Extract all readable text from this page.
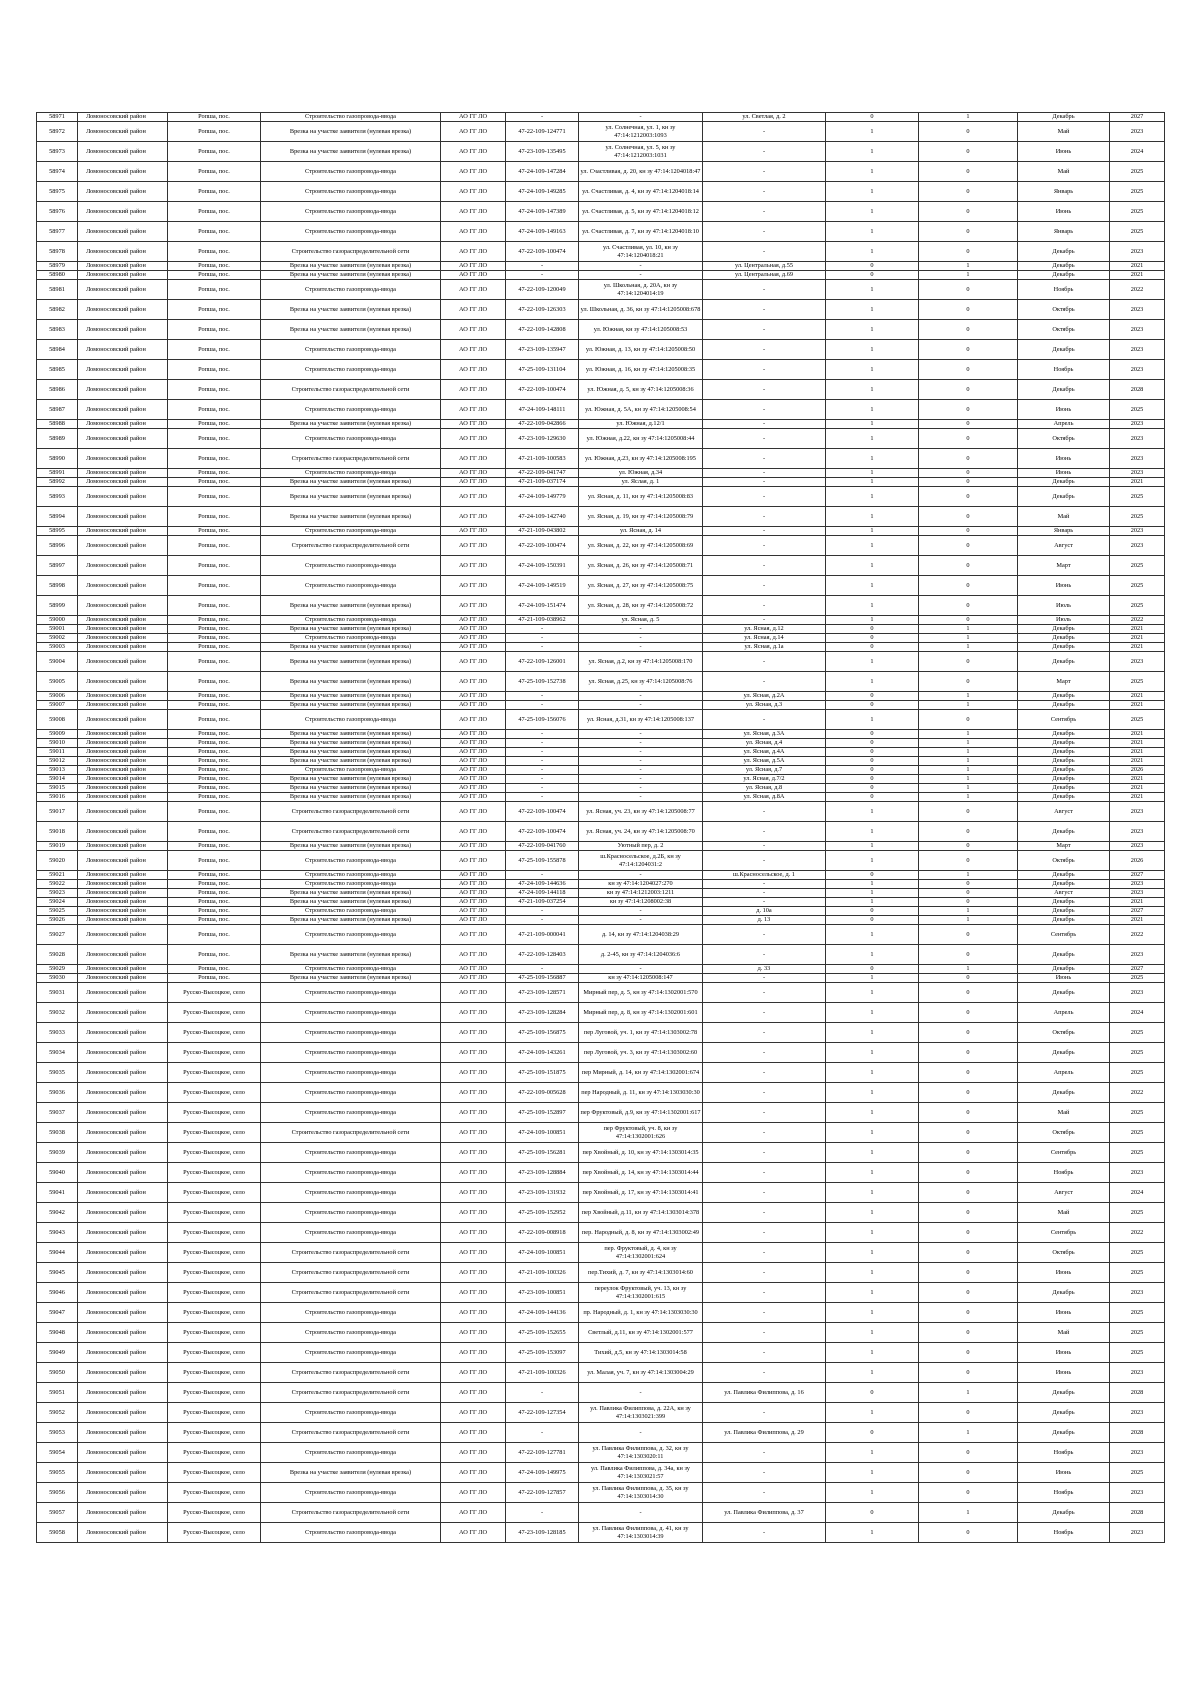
58971	Ломоносовский район	Ропша, пос.	Строительство газопровода-ввода	АО ГГ ЛО	-	-	ул. Светлая, д. 2	0	1	Декабрь	2027
58972	Ломоносовский район	Ропша, пос.	Врезка на участке заявителя (нулевая врезка)	АО ГГ ЛО	47-22-109-124771	ул. Солнечная, ул. 1, кн зу 47:14:1212003:1093	-	1	0	Май	2023
58973	Ломоносовский район	Ропша, пос.	Врезка на участке заявителя (нулевая врезка)	АО ГГ ЛО	47-23-109-135495	ул. Солнечная, ул. 5, кн зу 47:14:1212003:1031	-	1	0	Июнь	2024
58974	Ломоносовский район	Ропша, пос.	Строительство газопровода-ввода	АО ГГ ЛО	47-24-109-147284	ул. Счастливая, д. 20, кн зу 47:14:1204018:47	-	1	0	Май	2025
58975	Ломоносовский район	Ропша, пос.	Строительство газопровода-ввода	АО ГГ ЛО	47-24-109-149285	ул. Счастливая, д. 4, кн зу 47:14:1204018:14	-	1	0	Январь	2025
58976	Ломоносовский район	Ропша, пос.	Строительство газопровода-ввода	АО ГГ ЛО	47-24-109-147389	ул. Счастливая, д. 5, кн зу 47:14:1204018:12	-	1	0	Июнь	2025
58977	Ломоносовский район	Ропша, пос.	Строительство газопровода-ввода	АО ГГ ЛО	47-24-109-149163	ул. Счастливая, д. 7, кн зу 47:14:1204018:10	-	1	0	Январь	2025
58978	Ломоносовский район	Ропша, пос.	Строительство газораспределительной сети	АО ГГ ЛО	47-22-109-100474	ул. Счастливая, ул. 10, кн зу 47:14:1204018:21	-	1	0	Декабрь	2023
58979	Ломоносовский район	Ропша, пос.	Врезка на участке заявителя (нулевая врезка)	АО ГГ ЛО	-	-	ул. Центральная, д.55	0	1	Декабрь	2021
58980	Ломоносовский район	Ропша, пос.	Врезка на участке заявителя (нулевая врезка)	АО ГГ ЛО	-	-	ул. Центральная, д.69	0	1	Декабрь	2021
58981	Ломоносовский район	Ропша, пос.	Строительство газопровода-ввода	АО ГГ ЛО	47-22-109-120049	ул. Школьная, д. 20А, кн зу 47:14:1204014:19	-	1	0	Ноябрь	2022
58982	Ломоносовский район	Ропша, пос.	Врезка на участке заявителя (нулевая врезка)	АО ГГ ЛО	47-22-109-126303	ул. Школьная, д. 36, кн зу 47:14:1205008:678	-	1	0	Октябрь	2023
58983	Ломоносовский район	Ропша, пос.	Врезка на участке заявителя (нулевая врезка)	АО ГГ ЛО	47-22-109-142808	ул. Южная, кн зу 47:14:1205008:53	-	1	0	Октябрь	2023
58984	Ломоносовский район	Ропша, пос.	Строительство газопровода-ввода	АО ГГ ЛО	47-23-109-135947	ул. Южная, д. 13, кн зу 47:14:1205008:50	-	1	0	Декабрь	2023
58985	Ломоносовский район	Ропша, пос.	Строительство газопровода-ввода	АО ГГ ЛО	47-25-109-131104	ул. Южная, д. 16, кн зу 47:14:1205008:35	-	1	0	Ноябрь	2023
58986	Ломоносовский район	Ропша, пос.	Строительство газораспределительной сети	АО ГГ ЛО	47-22-109-100474	ул. Южная, д. 5, кн зу 47:14:1205008:36	-	1	0	Декабрь	2028
58987	Ломоносовский район	Ропша, пос.	Строительство газопровода-ввода	АО ГГ ЛО	47-24-109-148111	ул. Южная, д. 5А, кн зу 47:14:1205008:54	-	1	0	Июнь	2025
58988	Ломоносовский район	Ропша, пос.	Врезка на участке заявителя (нулевая врезка)	АО ГГ ЛО	47-22-109-042866	ул. Южная, д.12/1	-	1	0	Апрель	2023
58989	Ломоносовский район	Ропша, пос.	Строительство газопровода-ввода	АО ГГ ЛО	47-23-109-129630	ул. Южная, д.22, кн зу 47:14:1205008:44	-	1	0	Октябрь	2023
58990	Ломоносовский район	Ропша, пос.	Строительство газораспределительной сети	АО ГГ ЛО	47-21-109-100583	ул. Южная, д.23, кн зу 47:14:1205008:195	-	1	0	Июнь	2023
58991	Ломоносовский район	Ропша, пос.	Строительство газопровода-ввода	АО ГГ ЛО	47-22-109-041747	ул. Южная, д.34	-	1	0	Июнь	2023
58992	Ломоносовский район	Ропша, пос.	Врезка на участке заявителя (нулевая врезка)	АО ГГ ЛО	47-21-109-037174	ул. Яслая, д. 1	-	1	0	Декабрь	2021
58993	Ломоносовский район	Ропша, пос.	Врезка на участке заявителя (нулевая врезка)	АО ГГ ЛО	47-24-109-149779	ул. Ясная, д. 11, кн зу 47:14:1205008:83	-	1	0	Декабрь	2025
58994	Ломоносовский район	Ропша, пос.	Врезка на участке заявителя (нулевая врезка)	АО ГГ ЛО	47-24-109-142740	ул. Ясная, д. 19, кн зу 47:14:1205008:79	-	1	0	Май	2025
58995	Ломоносовский район	Ропша, пос.	Строительство газопровода-ввода	АО ГГ ЛО	47-21-109-043802	ул. Ясная, д. 14	-	1	0	Январь	2023
58996	Ломоносовский район	Ропша, пос.	Строительство газораспределительной сети	АО ГГ ЛО	47-22-109-100474	ул. Ясная, д. 22, кн зу 47:14:1205008:69	-	1	0	Август	2023
58997	Ломоносовский район	Ропша, пос.	Строительство газопровода-ввода	АО ГГ ЛО	47-24-109-150391	ул. Ясная, д. 26, кн зу 47:14:1205008:71	-	1	0	Март	2025
58998	Ломоносовский район	Ропша, пос.	Строительство газопровода-ввода	АО ГГ ЛО	47-24-109-149519	ул. Ясная, д. 27, кн зу 47:14:1205008:75	-	1	0	Июнь	2025
58999	Ломоносовский район	Ропша, пос.	Врезка на участке заявителя (нулевая врезка)	АО ГГ ЛО	47-24-109-151474	ул. Ясная, д. 28, кн зу 47:14:1205008:72	-	1	0	Июль	2025
59000	Ломоносовский район	Ропша, пос.	Строительство газопровода-ввода	АО ГГ ЛО	47-21-109-038962	ул. Ясная, д. 5	-	1	0	Июль	2022
59001	Ломоносовский район	Ропша, пос.	Врезка на участке заявителя (нулевая врезка)	АО ГГ ЛО	-	-	ул. Ясная, д.12	0	1	Декабрь	2021
59002	Ломоносовский район	Ропша, пос.	Строительство газопровода-ввода	АО ГГ ЛО	-	-	ул. Ясная, д.14	0	1	Декабрь	2021
59003	Ломоносовский район	Ропша, пос.	Врезка на участке заявителя (нулевая врезка)	АО ГГ ЛО	-	-	ул. Ясная, д.1а	0	1	Декабрь	2021
59004	Ломоносовский район	Ропша, пос.	Врезка на участке заявителя (нулевая врезка)	АО ГГ ЛО	47-22-109-126001	ул. Ясная, д.2, кн зу 47:14:1205008:170	-	1	0	Декабрь	2023
59005	Ломоносовский район	Ропша, пос.	Врезка на участке заявителя (нулевая врезка)	АО ГГ ЛО	47-25-109-152738	ул. Ясная, д.25, кн зу 47:14:1205008:76	-	1	0	Март	2025
59006	Ломоносовский район	Ропша, пос.	Врезка на участке заявителя (нулевая врезка)	АО ГГ ЛО	-	-	ул. Ясная, д.2А	0	1	Декабрь	2021
59007	Ломоносовский район	Ропша, пос.	Врезка на участке заявителя (нулевая врезка)	АО ГГ ЛО	-	-	ул. Ясная, д.3	0	1	Декабрь	2021
59008	Ломоносовский район	Ропша, пос.	Строительство газопровода-ввода	АО ГГ ЛО	47-25-109-156076	ул. Ясная, д.31, кн зу 47:14:1205008:137	-	1	0	Сентябрь	2025
59009	Ломоносовский район	Ропша, пос.	Врезка на участке заявителя (нулевая врезка)	АО ГГ ЛО	-	-	ул. Ясная, д.3А	0	1	Декабрь	2021
59010	Ломоносовский район	Ропша, пос.	Врезка на участке заявителя (нулевая врезка)	АО ГГ ЛО	-	-	ул. Ясная, д.4	0	1	Декабрь	2021
59011	Ломоносовский район	Ропша, пос.	Врезка на участке заявителя (нулевая врезка)	АО ГГ ЛО	-	-	ул. Ясная, д.4А	0	1	Декабрь	2021
59012	Ломоносовский район	Ропша, пос.	Врезка на участке заявителя (нулевая врезка)	АО ГГ ЛО	-	-	ул. Ясная, д.5А	0	1	Декабрь	2021
59013	Ломоносовский район	Ропша, пос.	Строительство газопровода-ввода	АО ГГ ЛО	-	-	ул. Ясная, д.7	0	1	Декабрь	2026
59014	Ломоносовский район	Ропша, пос.	Врезка на участке заявителя (нулевая врезка)	АО ГГ ЛО	-	-	ул. Ясная, д.7/2	0	1	Декабрь	2021
59015	Ломоносовский район	Ропша, пос.	Врезка на участке заявителя (нулевая врезка)	АО ГГ ЛО	-	-	ул. Ясная, д.8	0	1	Декабрь	2021
59016	Ломоносовский район	Ропша, пос.	Врезка на участке заявителя (нулевая врезка)	АО ГГ ЛО	-	-	ул. Ясная, д.8А	0	1	Декабрь	2021
59017	Ломоносовский район	Ропша, пос.	Строительство газораспределительной сети	АО ГГ ЛО	47-22-109-100474	ул. Ясная, уч. 23, кн зу 47:14:1205008:77	-	1	0	Август	2023
59018	Ломоносовский район	Ропша, пос.	Строительство газораспределительной сети	АО ГГ ЛО	47-22-109-100474	ул. Ясная, уч. 24, кн зу 47:14:1205008:70	-	1	0	Декабрь	2023
59019	Ломоносовский район	Ропша, пос.	Врезка на участке заявителя (нулевая врезка)	АО ГГ ЛО	47-22-109-041760	Уютный пер, д. 2	-	1	0	Март	2023
59020	Ломоносовский район	Ропша, пос.	Строительство газопровода-ввода	АО ГГ ЛО	47-25-109-155878	ш.Красносельское, д.2Б, кн зу 47:14:1204031:2	-	1	0	Октябрь	2026
59021	Ломоносовский район	Ропша, пос.	Строительство газопровода-ввода	АО ГГ ЛО	-	-	ш.Красносельское, д. 1	0	1	Декабрь	2027
59022	Ломоносовский район	Ропша, пос.	Строительство газопровода-ввода	АО ГГ ЛО	47-24-109-144636	кн зу 47:14:1204027:270	-	1	0	Декабрь	2023
59023	Ломоносовский район	Ропша, пос.	Врезка на участке заявителя (нулевая врезка)	АО ГГ ЛО	47-24-109-144118	кн зу 47:14:1212003:1211	-	1	0	Август	2023
59024	Ломоносовский район	Ропша, пос.	Врезка на участке заявителя (нулевая врезка)	АО ГГ ЛО	47-21-109-037254	кн зу 47:14:1208002:38	-	1	0	Декабрь	2021
59025	Ломоносовский район	Ропша, пос.	Строительство газопровода-ввода	АО ГГ ЛО	-	-	д. 10а	0	1	Декабрь	2027
59026	Ломоносовский район	Ропша, пос.	Врезка на участке заявителя (нулевая врезка)	АО ГГ ЛО	-	-	д. 13	0	1	Декабрь	2021
59027	Ломоносовский район	Ропша, пос.	Строительство газопровода-ввода	АО ГГ ЛО	47-21-109-000041	д. 14, кн зу 47:14:1204038:29	-	1	0	Сентябрь	2022
59028	Ломоносовский район	Ропша, пос.	Врезка на участке заявителя (нулевая врезка)	АО ГГ ЛО	47-22-109-128403	д. 2-45, кн зу 47:14:1204036:6	-	1	0	Декабрь	2023
59029	Ломоносовский район	Ропша, пос.	Строительство газопровода-ввода	АО ГГ ЛО	-	-	д. 33	0	1	Декабрь	2027
59030	Ломоносовский район	Ропша, пос.	Врезка на участке заявителя (нулевая врезка)	АО ГГ ЛО	47-25-109-156887	кн зу 47:14:1205008:147	-	1	0	Июнь	2025
59031	Ломоносовский район	Русско-Высоцкое, село	Строительство газопровода-ввода	АО ГГ ЛО	47-23-109-128571	Мирный пер, д. 5, кн зу 47:14:1302001:570	-	1	0	Декабрь	2023
59032	Ломоносовский район	Русско-Высоцкое, село	Строительство газопровода-ввода	АО ГГ ЛО	47-23-109-128284	Мирный пер, д. 8, кн зу 47:14:1302001:601	-	1	0	Апрель	2024
59033	Ломоносовский район	Русско-Высоцкое, село	Строительство газопровода-ввода	АО ГГ ЛО	47-25-109-156875	пер Луговой, уч. 1, кн зу 47:14:1303002:78	-	1	0	Октябрь	2025
59034	Ломоносовский район	Русско-Высоцкое, село	Строительство газопровода-ввода	АО ГГ ЛО	47-24-109-143261	пер Луговой, уч. 3, кн зу 47:14:1303002:60	-	1	0	Декабрь	2025
59035	Ломоносовский район	Русско-Высоцкое, село	Строительство газопровода-ввода	АО ГГ ЛО	47-25-109-151875	пер Мирный, д. 14, кн зу 47:14:1302001:674	-	1	0	Апрель	2025
59036	Ломоносовский район	Русско-Высоцкое, село	Строительство газопровода-ввода	АО ГГ ЛО	47-22-109-005628	пер Народный, д. 11, кн зу 47:14:1303030:30	-	1	0	Декабрь	2022
59037	Ломоносовский район	Русско-Высоцкое, село	Строительство газопровода-ввода	АО ГГ ЛО	47-25-109-152897	пер Фруктовый, д.9, кн зу 47:14:1302001:617	-	1	0	Май	2025
59038	Ломоносовский район	Русско-Высоцкое, село	Строительство газораспределительной сети	АО ГГ ЛО	47-24-109-100851	пер Фруктовый, уч. 8, кн зу 47:14:1302001:626	-	1	0	Октябрь	2025
59039	Ломоносовский район	Русско-Высоцкое, село	Строительство газопровода-ввода	АО ГГ ЛО	47-25-109-156281	пер Хвойный, д. 10, кн зу 47:14:1303014:35	-	1	0	Сентябрь	2025
59040	Ломоносовский район	Русско-Высоцкое, село	Строительство газопровода-ввода	АО ГГ ЛО	47-23-109-128884	пер Хвойный, д. 14, кн зу 47:14:1303014:44	-	1	0	Ноябрь	2023
59041	Ломоносовский район	Русско-Высоцкое, село	Строительство газопровода-ввода	АО ГГ ЛО	47-23-109-131932	пер Хвойный, д. 17, кн зу 47:14:1303014:41	-	1	0	Август	2024
59042	Ломоносовский район	Русско-Высоцкое, село	Строительство газопровода-ввода	АО ГГ ЛО	47-25-109-152952	пер Хвойный, д.11, кн зу 47:14:1303014:378	-	1	0	Май	2025
59043	Ломоносовский район	Русско-Высоцкое, село	Строительство газопровода-ввода	АО ГГ ЛО	47-22-109-008918	пер. Народный, д. 8, кн зу 47:14:1303002:49	-	1	0	Сентябрь	2022
59044	Ломоносовский район	Русско-Высоцкое, село	Строительство газораспределительной сети	АО ГГ ЛО	47-24-109-100851	пер. Фруктовый, д. 4, кн зу 47:14:1302001:624	-	1	0	Октябрь	2025
59045	Ломоносовский район	Русско-Высоцкое, село	Строительство газораспределительной сети	АО ГГ ЛО	47-21-109-100326	пер.Тихий, д. 7, кн зу 47:14:1303014:60	-	1	0	Июнь	2025
59046	Ломоносовский район	Русско-Высоцкое, село	Строительство газораспределительной сети	АО ГГ ЛО	47-23-109-100851	переулок Фруктовый, уч. 13, кн зу 47:14:1302001:615	-	1	0	Декабрь	2023
59047	Ломоносовский район	Русско-Высоцкое, село	Строительство газопровода-ввода	АО ГГ ЛО	47-24-109-144136	пр. Народный, д. 1, кн зу 47:14:1303030:30	-	1	0	Июнь	2025
59048	Ломоносовский район	Русско-Высоцкое, село	Строительство газопровода-ввода	АО ГГ ЛО	47-25-109-152655	Светлый, д.11, кн зу 47:14:1302001:577	-	1	0	Май	2025
59049	Ломоносовский район	Русско-Высоцкое, село	Строительство газопровода-ввода	АО ГГ ЛО	47-25-109-153097	Тихий, д.5, кн зу 47:14:1303014:58	-	1	0	Июнь	2025
59050	Ломоносовский район	Русско-Высоцкое, село	Строительство газораспределительной сети	АО ГГ ЛО	47-21-109-100326	ул. Малая, уч. 7, кн зу 47:14:1303004:29	-	1	0	Июнь	2023
59051	Ломоносовский район	Русско-Высоцкое, село	Строительство газораспределительной сети	АО ГГ ЛО	-	-	ул. Павлика Филиппова, д. 16	0	1	Декабрь	2028
59052	Ломоносовский район	Русско-Высоцкое, село	Строительство газопровода-ввода	АО ГГ ЛО	47-22-109-127354	ул. Павлика Филиппова, д. 22А, кн зу 47:14:1303021:399	-	1	0	Декабрь	2023
59053	Ломоносовский район	Русско-Высоцкое, село	Строительство газораспределительной сети	АО ГГ ЛО	-	-	ул. Павлика Филиппова, д. 29	0	1	Декабрь	2028
59054	Ломоносовский район	Русско-Высоцкое, село	Строительство газопровода-ввода	АО ГГ ЛО	47-22-109-127781	ул. Павлика Филиппова, д. 32, кн зу 47:14:1303020:11	-	1	0	Ноябрь	2023
59055	Ломоносовский район	Русско-Высоцкое, село	Врезка на участке заявителя (нулевая врезка)	АО ГГ ЛО	47-24-109-149975	ул. Павлика Филиппова, д. 34а, кн зу 47:14:1303021:57	-	1	0	Июнь	2025
59056	Ломоносовский район	Русско-Высоцкое, село	Строительство газопровода-ввода	АО ГГ ЛО	47-22-109-127857	ул. Павлика Филиппова, д. 35, кн зу 47:14:1303014:30	-	1	0	Ноябрь	2023
59057	Ломоносовский район	Русско-Высоцкое, село	Строительство газораспределительной сети	АО ГГ ЛО	-	-	ул. Павлика Филиппова, д. 37	0	1	Декабрь	2028
59058	Ломоносовский район	Русско-Высоцкое, село	Строительство газопровода-ввода	АО ГГ ЛО	47-23-109-128185	ул. Павлика Филиппова, д. 41, кн зу 47:14:1303014:39	-	1	0	Ноябрь	2023
